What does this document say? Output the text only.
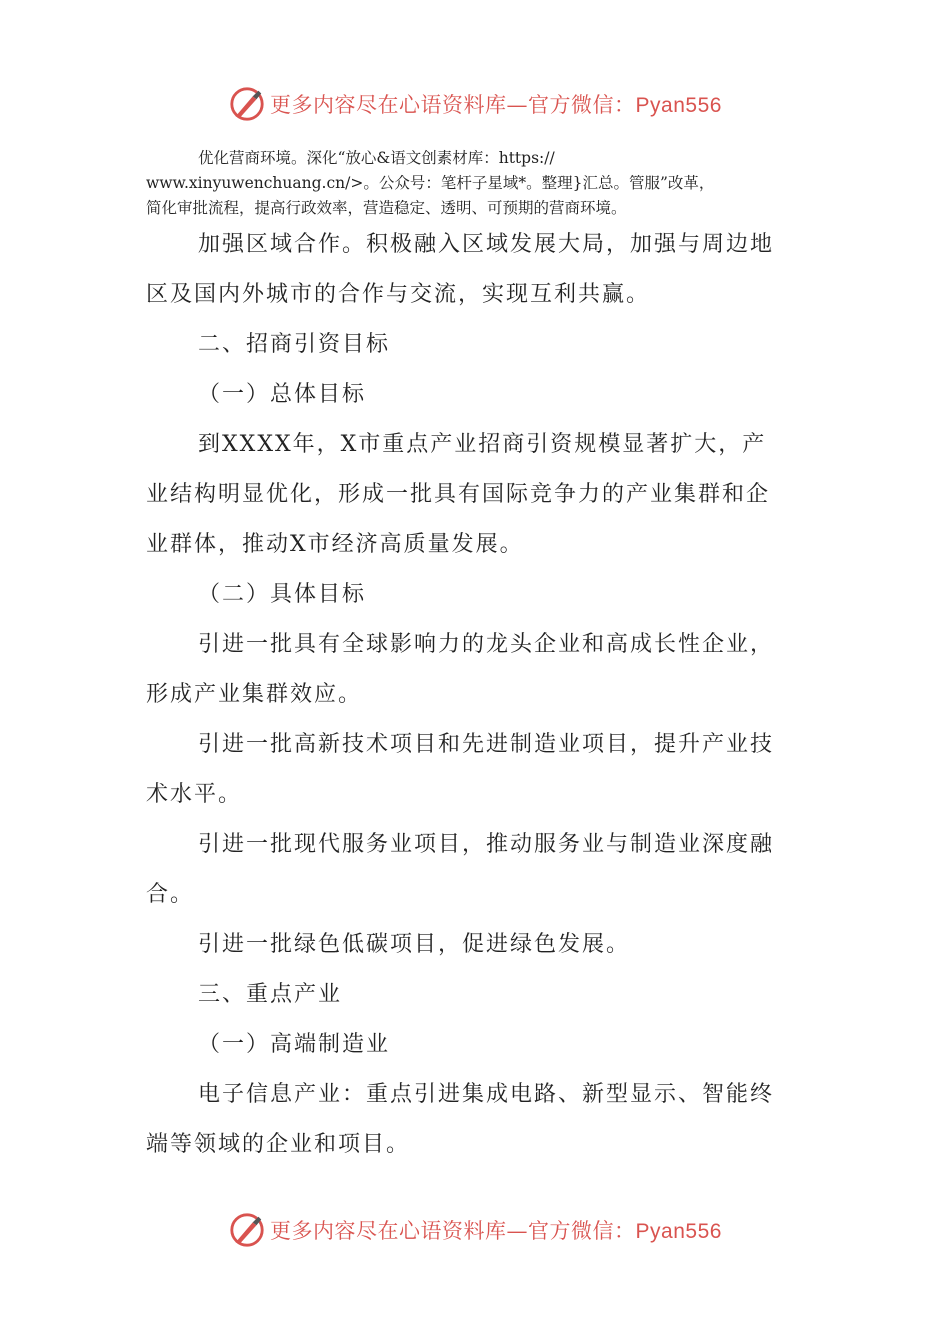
更多内容尽在心语资料库—官方微信：Pyan556

优化营商环境。深化“放心&语文创素材库：https://

www.xinyuwenchuang.cn/>。公众号：笔杆子星域*。整理}汇总。管服”改革，

简化审批流程，提高行政效率，营造稳定、透明、可预期的营商环境。

加强区域合作。积极融入区域发展大局，加强与周边地区及国内外城市的合作与交流，实现互利共赢。

二、招商引资目标

（一）总体目标

到XXXX年，X市重点产业招商引资规模显著扩大，产业结构明显优化，形成一批具有国际竞争力的产业集群和企业群体，推动X市经济高质量发展。

（二）具体目标

引进一批具有全球影响力的龙头企业和高成长性企业，形成产业集群效应。

引进一批高新技术项目和先进制造业项目，提升产业技术水平。

引进一批现代服务业项目，推动服务业与制造业深度融合。

引进一批绿色低碳项目，促进绿色发展。

三、重点产业

（一）高端制造业

电子信息产业：重点引进集成电路、新型显示、智能终端等领域的企业和项目。

更多内容尽在心语资料库—官方微信：Pyan556
